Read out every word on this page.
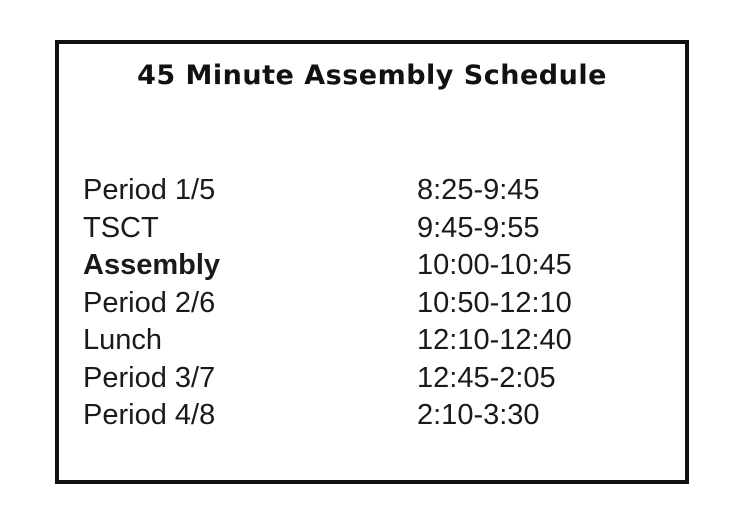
45 Minute Assembly Schedule
Period 1/5	8:25-9:45
TSCT	9:45-9:55
Assembly	10:00-10:45
Period 2/6	10:50-12:10
Lunch	12:10-12:40
Period 3/7	12:45-2:05
Period 4/8	2:10-3:30
